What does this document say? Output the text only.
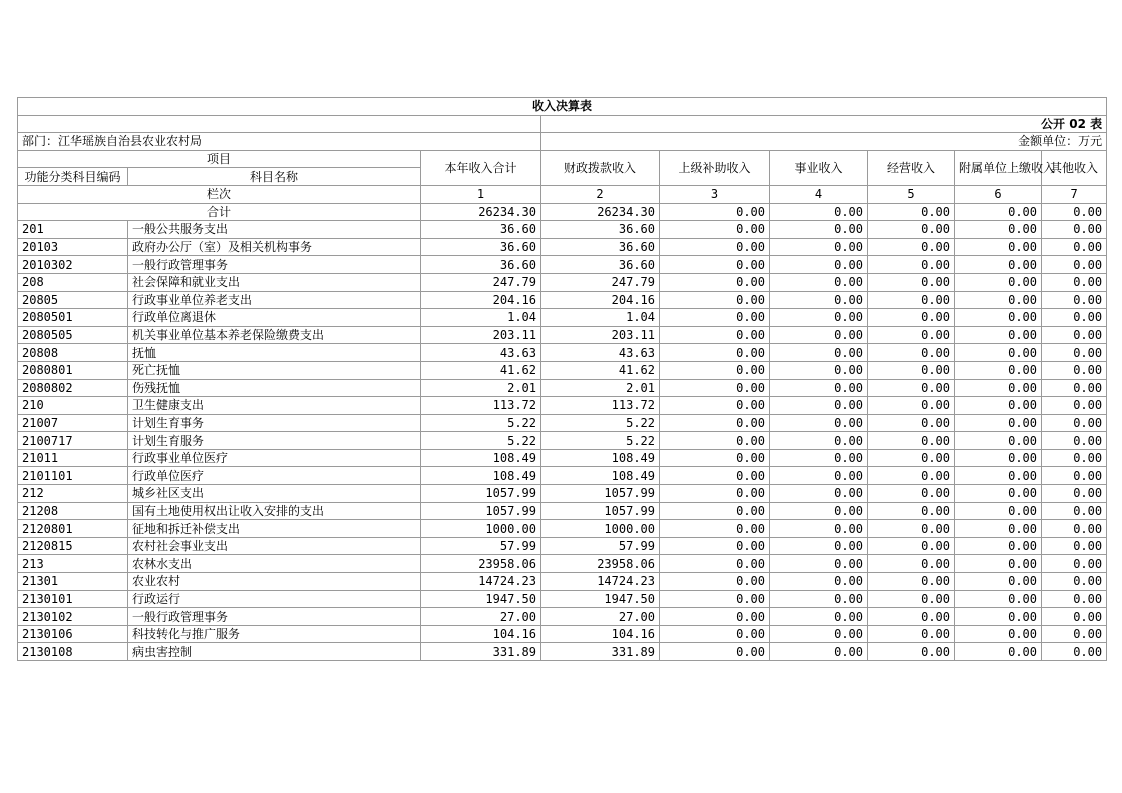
收入决算表								
			公开 02 表					
部门：江华瑶族自治县农业农村局			金额单位：万元					
项目		本年收入合计	财政拨款收入	上级补助收入	事业收入	经营收入	附属单位上缴收入	其他收入
功能分类科目编码	科目名称							
栏次		1	2	3	4	5	6	7
合计		26234.30	26234.30	0.00	0.00	0.00	0.00	0.00
201	一般公共服务支出	36.60	36.60	0.00	0.00	0.00	0.00	0.00
20103	政府办公厅（室）及相关机构事务	36.60	36.60	0.00	0.00	0.00	0.00	0.00
2010302	一般行政管理事务	36.60	36.60	0.00	0.00	0.00	0.00	0.00
208	社会保障和就业支出	247.79	247.79	0.00	0.00	0.00	0.00	0.00
20805	行政事业单位养老支出	204.16	204.16	0.00	0.00	0.00	0.00	0.00
2080501	行政单位离退休	1.04	1.04	0.00	0.00	0.00	0.00	0.00
2080505	机关事业单位基本养老保险缴费支出	203.11	203.11	0.00	0.00	0.00	0.00	0.00
20808	抚恤	43.63	43.63	0.00	0.00	0.00	0.00	0.00
2080801	死亡抚恤	41.62	41.62	0.00	0.00	0.00	0.00	0.00
2080802	伤残抚恤	2.01	2.01	0.00	0.00	0.00	0.00	0.00
210	卫生健康支出	113.72	113.72	0.00	0.00	0.00	0.00	0.00
21007	计划生育事务	5.22	5.22	0.00	0.00	0.00	0.00	0.00
2100717	计划生育服务	5.22	5.22	0.00	0.00	0.00	0.00	0.00
21011	行政事业单位医疗	108.49	108.49	0.00	0.00	0.00	0.00	0.00
2101101	行政单位医疗	108.49	108.49	0.00	0.00	0.00	0.00	0.00
212	城乡社区支出	1057.99	1057.99	0.00	0.00	0.00	0.00	0.00
21208	国有土地使用权出让收入安排的支出	1057.99	1057.99	0.00	0.00	0.00	0.00	0.00
2120801	征地和拆迁补偿支出	1000.00	1000.00	0.00	0.00	0.00	0.00	0.00
2120815	农村社会事业支出	57.99	57.99	0.00	0.00	0.00	0.00	0.00
213	农林水支出	23958.06	23958.06	0.00	0.00	0.00	0.00	0.00
21301	农业农村	14724.23	14724.23	0.00	0.00	0.00	0.00	0.00
2130101	行政运行	1947.50	1947.50	0.00	0.00	0.00	0.00	0.00
2130102	一般行政管理事务	27.00	27.00	0.00	0.00	0.00	0.00	0.00
2130106	科技转化与推广服务	104.16	104.16	0.00	0.00	0.00	0.00	0.00
2130108	病虫害控制	331.89	331.89	0.00	0.00	0.00	0.00	0.00
